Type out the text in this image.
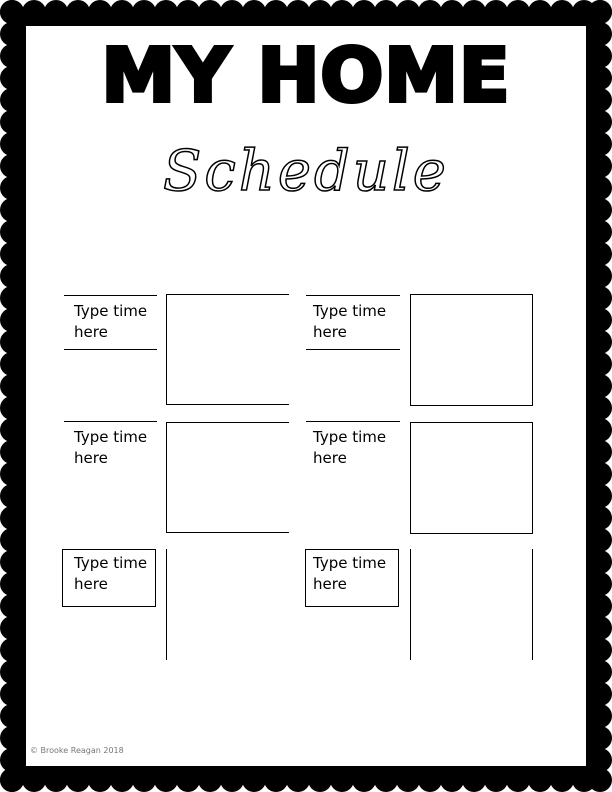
MY HOME
Schedule
Type time here
Type time here
Type time here
Type time here
Type time here
Type time here
© Brooke Reagan 2018
